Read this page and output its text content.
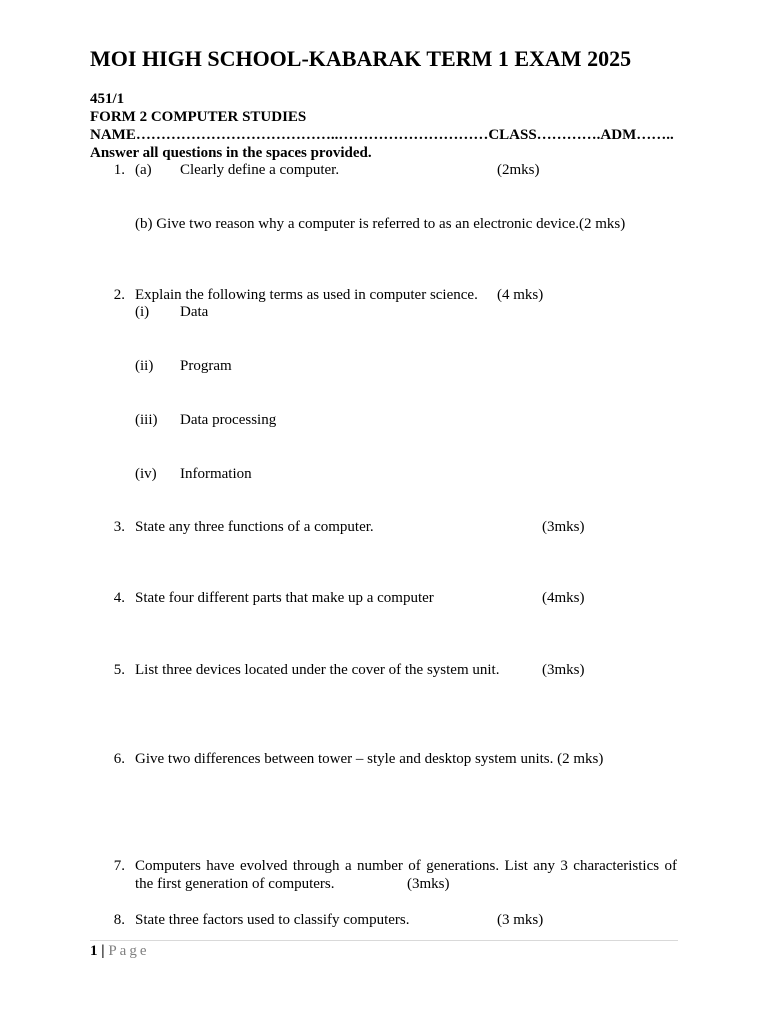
MOI HIGH SCHOOL-KABARAK TERM 1 EXAM 2025
451/1
FORM 2 COMPUTER STUDIES
NAME…………………………………..…………………………CLASS………….ADM……..
Answer all questions in the spaces provided.
1. (a) Clearly define a computer.	(2mks)
(b) Give two reason why a computer is referred to as an electronic device.(2 mks)
2. Explain the following terms as used in computer science. (4 mks)
(i) Data
(ii) Program
(iii) Data processing
(iv) Information
3. State any three functions of a computer.	(3mks)
4. State four different parts that make up a computer	(4mks)
5. List three devices located under the cover of the system unit.	(3mks)
6. Give two differences between tower – style and desktop system units. (2 mks)
7. Computers have evolved through a number of generations. List any 3 characteristics of
the first generation of computers.	(3mks)
8. State three factors used to classify computers.	(3 mks)
1 | Page
